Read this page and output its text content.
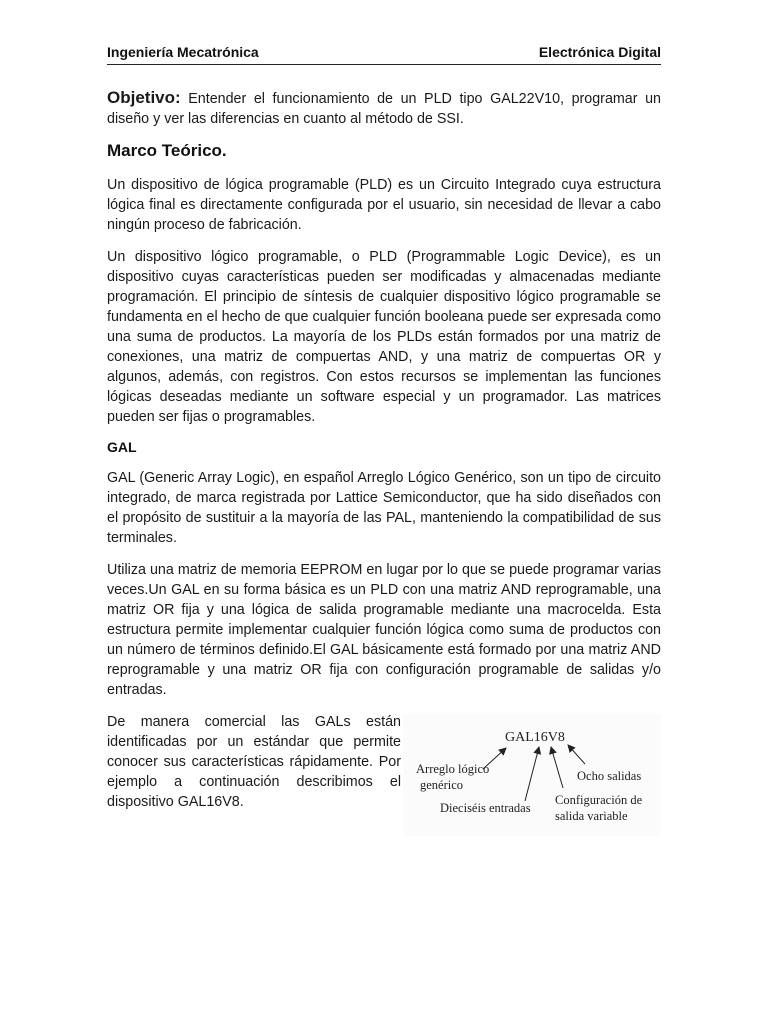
Ingeniería Mecatrónica	Electrónica Digital

Objetivo: Entender el funcionamiento de un PLD tipo GAL22V10, programar un diseño y ver las diferencias en cuanto al método de SSI.

Marco Teórico.

Un dispositivo de lógica programable (PLD) es un Circuito Integrado cuya estructura lógica final es directamente configurada por el usuario, sin necesidad de llevar a cabo ningún proceso de fabricación.

Un dispositivo lógico programable, o PLD (Programmable Logic Device), es un dispositivo cuyas características pueden ser modificadas y almacenadas mediante programación. El principio de síntesis de cualquier dispositivo lógico programable se fundamenta en el hecho de que cualquier función booleana puede ser expresada como una suma de productos. La mayoría de los PLDs están formados por una matriz de conexiones, una matriz de compuertas AND, y una matriz de compuertas OR y algunos, además, con registros. Con estos recursos se implementan las funciones lógicas deseadas mediante un software especial y un programador. Las matrices pueden ser fijas o programables.

GAL

GAL (Generic Array Logic), en español Arreglo Lógico Genérico, son un tipo de circuito integrado, de marca registrada por Lattice Semiconductor, que ha sido diseñados con el propósito de sustituir a la mayoría de las PAL, manteniendo la compatibilidad de sus terminales.

Utiliza una matriz de memoria EEPROM en lugar por lo que se puede programar varias veces.Un GAL en su forma básica es un PLD con una matriz AND reprogramable, una matriz OR fija y una lógica de salida programable mediante una macrocelda. Esta estructura permite implementar cualquier función lógica como suma de productos con un número de términos definido.El GAL básicamente está formado por una matriz AND reprogramable y una matriz OR fija con configuración programable de salidas y/o entradas.

De manera comercial las GALs están identificadas por un estándar que permite conocer sus características rápidamente. Por ejemplo a continuación describimos el dispositivo GAL16V8.

GAL16V8
Arreglo lógico
genérico
Dieciséis entradas
Ocho salidas
Configuración de
salida variable
